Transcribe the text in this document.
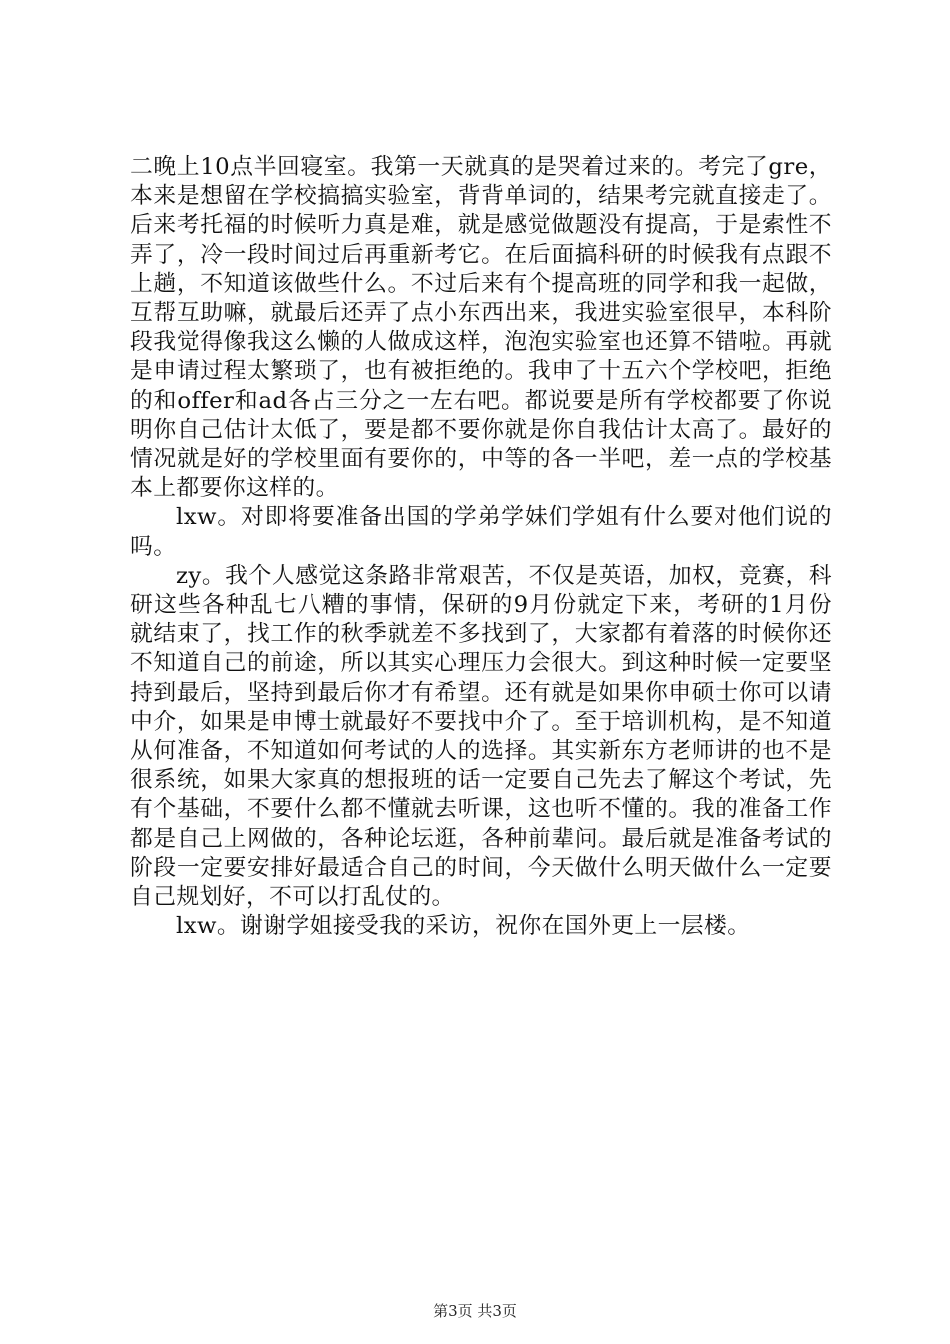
二晚上10点半回寝室。我第一天就真的是哭着过来的。考完了gre，本来是想留在学校搞搞实验室，背背单词的，结果考完就直接走了。后来考托福的时候听力真是难，就是感觉做题没有提高，于是索性不弄了，冷一段时间过后再重新考它。在后面搞科研的时候我有点跟不上趟，不知道该做些什么。不过后来有个提高班的同学和我一起做，互帮互助嘛，就最后还弄了点小东西出来，我进实验室很早，本科阶段我觉得像我这么懒的人做成这样，泡泡实验室也还算不错啦。再就是申请过程太繁琐了，也有被拒绝的。我申了十五六个学校吧，拒绝的和offer和ad各占三分之一左右吧。都说要是所有学校都要了你说明你自己估计太低了，要是都不要你就是你自我估计太高了。最好的情况就是好的学校里面有要你的，中等的各一半吧，差一点的学校基本上都要你这样的。

lxw。对即将要准备出国的学弟学妹们学姐有什么要对他们说的吗。

zy。我个人感觉这条路非常艰苦，不仅是英语，加权，竞赛，科研这些各种乱七八糟的事情，保研的9月份就定下来，考研的1月份就结束了，找工作的秋季就差不多找到了，大家都有着落的时候你还不知道自己的前途，所以其实心理压力会很大。到这种时候一定要坚持到最后，坚持到最后你才有希望。还有就是如果你申硕士你可以请中介，如果是申博士就最好不要找中介了。至于培训机构，是不知道从何准备，不知道如何考试的人的选择。其实新东方老师讲的也不是很系统，如果大家真的想报班的话一定要自己先去了解这个考试，先有个基础，不要什么都不懂就去听课，这也听不懂的。我的准备工作都是自己上网做的，各种论坛逛，各种前辈问。最后就是准备考试的阶段一定要安排好最适合自己的时间，今天做什么明天做什么一定要自己规划好，不可以打乱仗的。

lxw。谢谢学姐接受我的采访，祝你在国外更上一层楼。

第3页 共3页
